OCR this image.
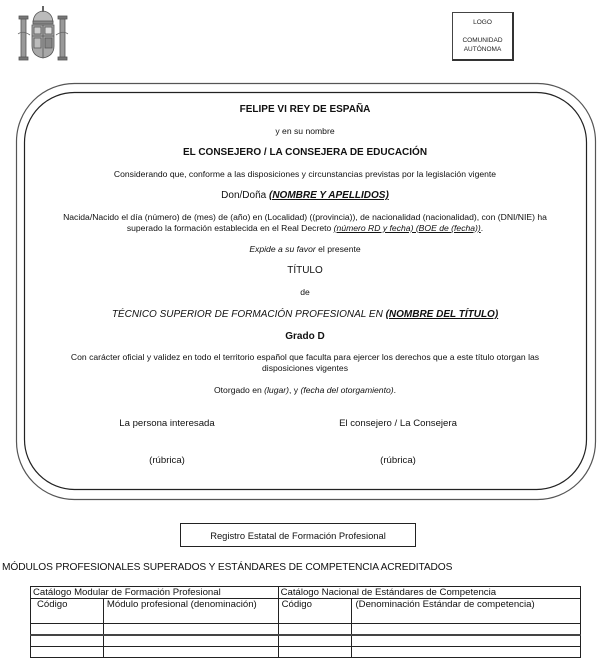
LOGO
COMUNIDAD
AUTÓNOMA
FELIPE VI REY DE ESPAÑA
y en su nombre
EL CONSEJERO / LA CONSEJERA DE EDUCACIÓN
Considerando que, conforme a las disposiciones y circunstancias previstas por la legislación vigente
Don/Doña (NOMBRE Y APELLIDOS)
Nacida/Nacido el día (número) de (mes) de (año) en (Localidad) ((provincia)), de nacionalidad (nacionalidad), con (DNI/NIE) ha
superado la formación establecida en el Real Decreto (número RD y fecha) (BOE de (fecha)).
Expide a su favor el presente
TÍTULO
de
TÉCNICO SUPERIOR DE FORMACIÓN PROFESIONAL EN (NOMBRE DEL TÍTULO)
Grado D
Con carácter oficial y validez en todo el territorio español que faculta para ejercer los derechos que a este título otorgan las
disposiciones vigentes
Otorgado en (lugar), y (fecha del otorgamiento).
La persona interesada
(rúbrica)
El consejero / La Consejera
(rúbrica)
Registro Estatal de Formación Profesional
MÓDULOS PROFESIONALES SUPERADOS Y ESTÁNDARES DE COMPETENCIA ACREDITADOS
Catálogo Modular de Formación Profesional		Catálogo Nacional de Estándares de Competencia	
Código	Módulo profesional (denominación)	Código	(Denominación Estándar de competencia)
